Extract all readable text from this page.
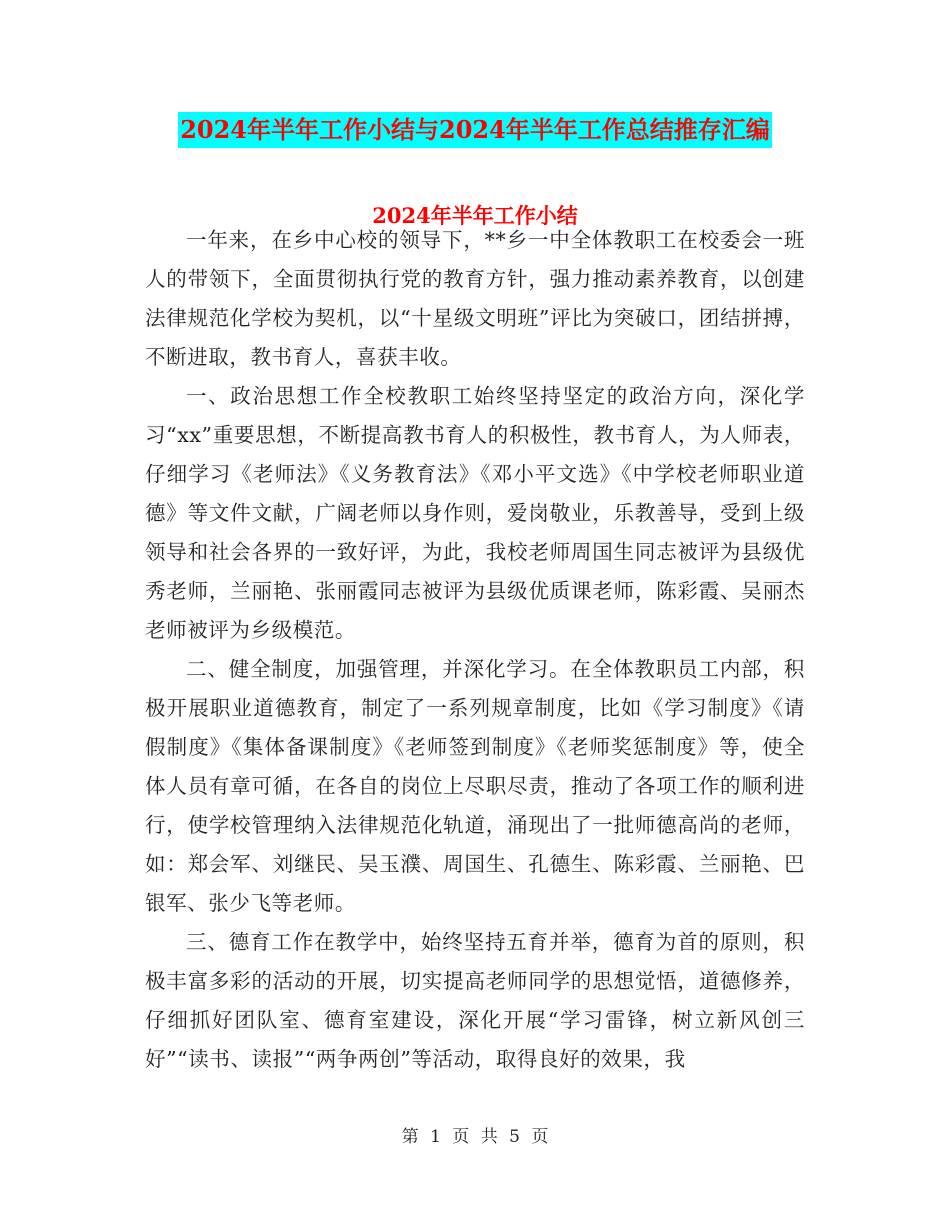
2024年半年工作小结与2024年半年工作总结推存汇编
2024年半年工作小结

一年来，在乡中心校的领导下，**乡一中全体教职工在校委会一班人的带领下，全面贯彻执行党的教育方针，强力推动素养教育，以创建法律规范化学校为契机，以“十星级文明班”评比为突破口，团结拼搏，不断进取，教书育人，喜获丰收。

一、政治思想工作全校教职工始终坚持坚定的政治方向，深化学习“xx”重要思想，不断提高教书育人的积极性，教书育人，为人师表，仔细学习《老师法》《义务教育法》《邓小平文选》《中学校老师职业道德》等文件文献，广阔老师以身作则，爱岗敬业，乐教善导，受到上级领导和社会各界的一致好评，为此，我校老师周国生同志被评为县级优秀老师，兰丽艳、张丽霞同志被评为县级优质课老师，陈彩霞、吴丽杰老师被评为乡级模范。

二、健全制度，加强管理，并深化学习。在全体教职员工内部，积极开展职业道德教育，制定了一系列规章制度，比如《学习制度》《请假制度》《集体备课制度》《老师签到制度》《老师奖惩制度》等，使全体人员有章可循，在各自的岗位上尽职尽责，推动了各项工作的顺利进行，使学校管理纳入法律规范化轨道，涌现出了一批师德高尚的老师，如：郑会军、刘继民、吴玉濮、周国生、孔德生、陈彩霞、兰丽艳、巴银军、张少飞等老师。

三、德育工作在教学中，始终坚持五育并举，德育为首的原则，积极丰富多彩的活动的开展，切实提高老师同学的思想觉悟，道德修养，仔细抓好团队室、德育室建设，深化开展“学习雷锋，树立新风创三好”“读书、读报”“两争两创”等活动，取得良好的效果，我

第 1 页 共 5 页
